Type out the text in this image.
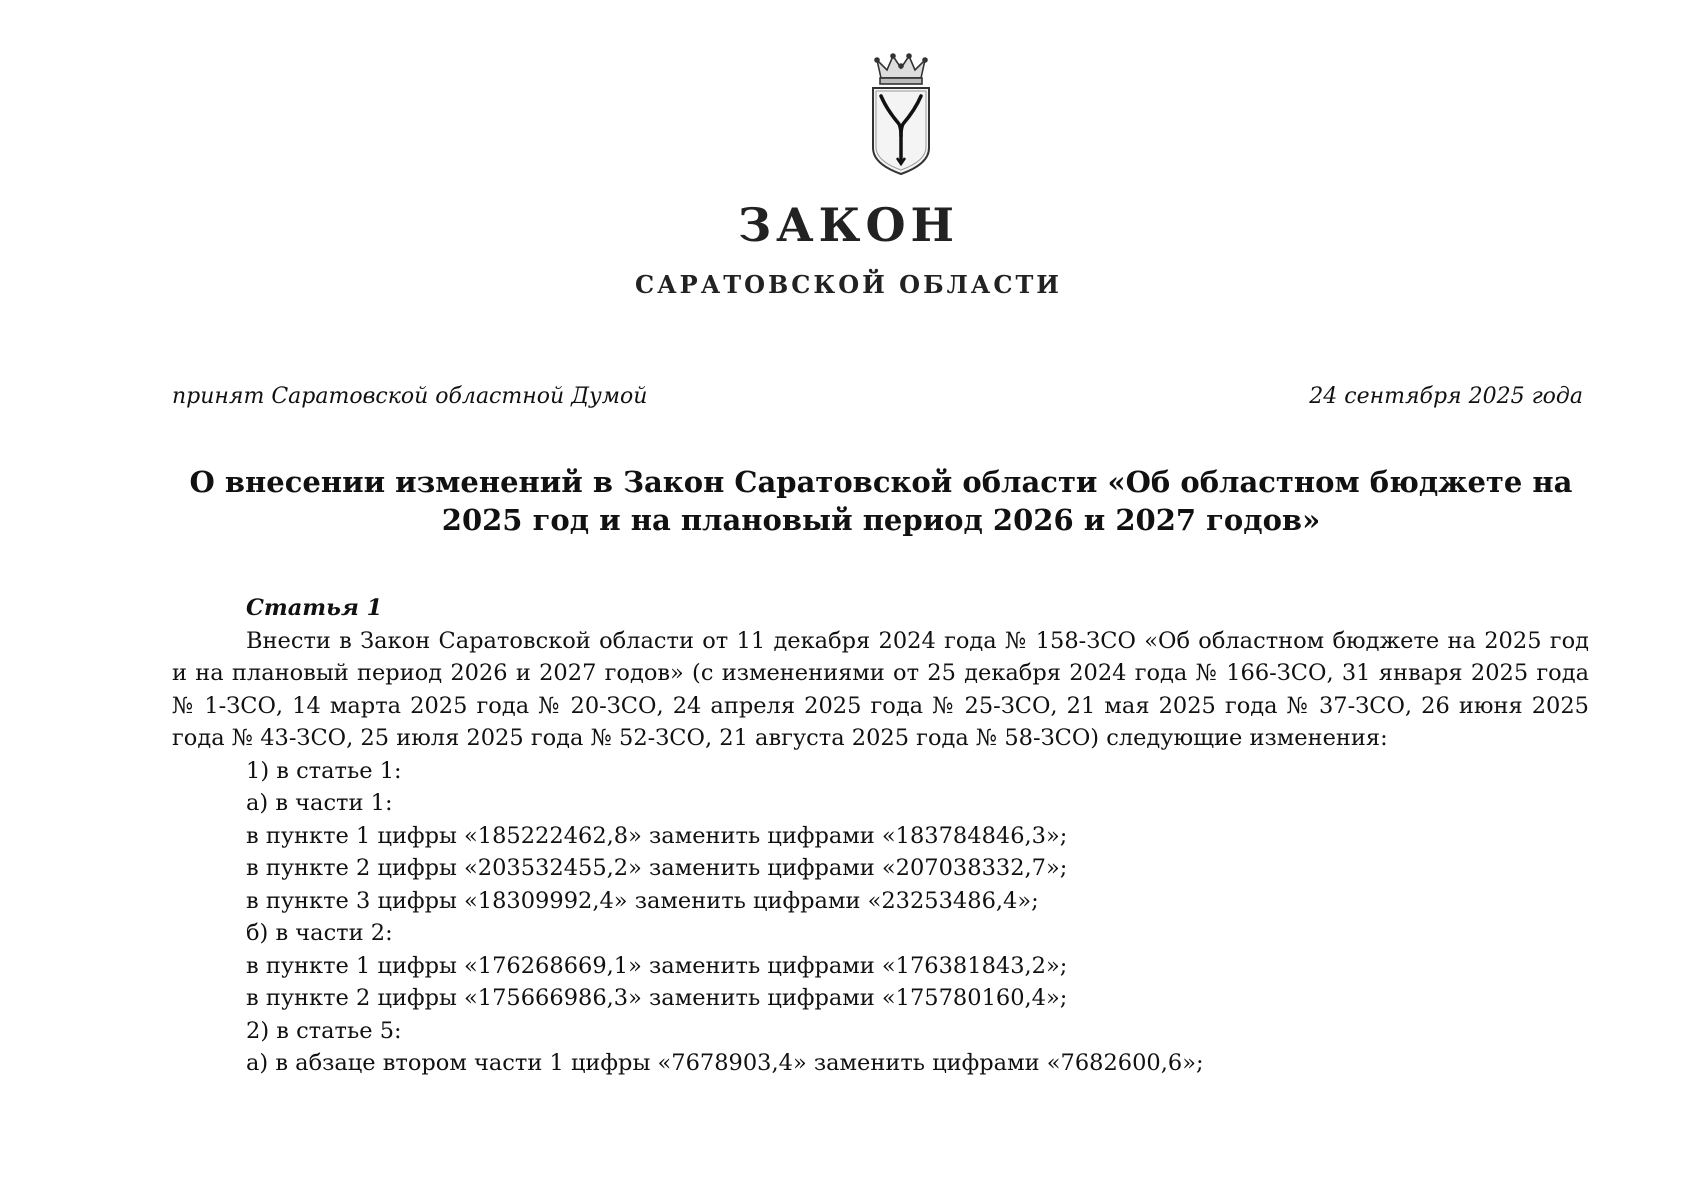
ЗАКОН
САРАТОВСКОЙ ОБЛАСТИ
принят Саратовской областной Думой	24 сентября 2025 года
О внесении изменений в Закон Саратовской области «Об областном бюджете на
2025 год и на плановый период 2026 и 2027 годов»
Статья 1
Внести в Закон Саратовской области от 11 декабря 2024 года № 158-ЗСО «Об областном бюджете на 2025 год и на плановый период 2026 и 2027 годов» (с изменениями от 25 декабря 2024 года № 166-ЗСО, 31 января 2025 года № 1-ЗСО, 14 марта 2025 года № 20-ЗСО, 24 апреля 2025 года № 25-ЗСО, 21 мая 2025 года № 37-ЗСО, 26 июня 2025 года № 43-ЗСО, 25 июля 2025 года № 52-ЗСО, 21 августа 2025 года № 58-ЗСО) следующие изменения:
1) в статье 1:
а) в части 1:
в пункте 1 цифры «185222462,8» заменить цифрами «183784846,3»;
в пункте 2 цифры «203532455,2» заменить цифрами «207038332,7»;
в пункте 3 цифры «18309992,4» заменить цифрами «23253486,4»;
б) в части 2:
в пункте 1 цифры «176268669,1» заменить цифрами «176381843,2»;
в пункте 2 цифры «175666986,3» заменить цифрами «175780160,4»;
2) в статье 5:
а) в абзаце втором части 1 цифры «7678903,4» заменить цифрами «7682600,6»;
